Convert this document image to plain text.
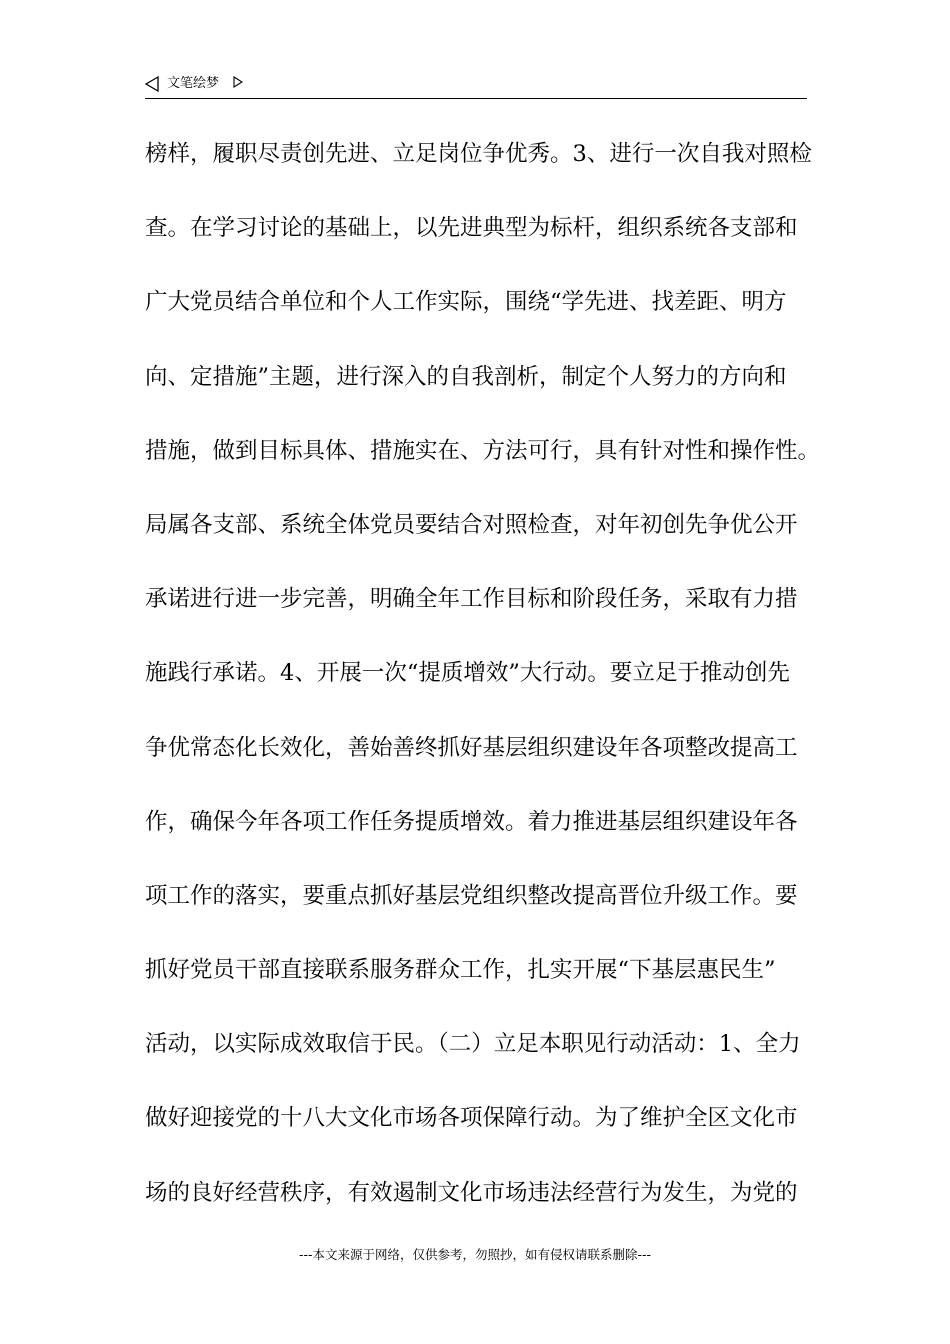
文笔绘梦
榜样，履职尽责创先进、立足岗位争优秀。3、进行一次自我对照检
查。在学习讨论的基础上，以先进典型为标杆，组织系统各支部和
广大党员结合单位和个人工作实际，围绕“学先进、找差距、明方
向、定措施”主题，进行深入的自我剖析，制定个人努力的方向和
措施，做到目标具体、措施实在、方法可行，具有针对性和操作性。
局属各支部、系统全体党员要结合对照检查，对年初创先争优公开
承诺进行进一步完善，明确全年工作目标和阶段任务，采取有力措
施践行承诺。4、开展一次“提质增效”大行动。要立足于推动创先
争优常态化长效化，善始善终抓好基层组织建设年各项整改提高工
作，确保今年各项工作任务提质增效。着力推进基层组织建设年各
项工作的落实，要重点抓好基层党组织整改提高晋位升级工作。要
抓好党员干部直接联系服务群众工作，扎实开展“下基层惠民生”
活动，以实际成效取信于民。（二）立足本职见行动活动：1、全力
做好迎接党的十八大文化市场各项保障行动。为了维护全区文化市
场的良好经营秩序，有效遏制文化市场违法经营行为发生，为党的
---本文来源于网络，仅供参考，勿照抄，如有侵权请联系删除---
